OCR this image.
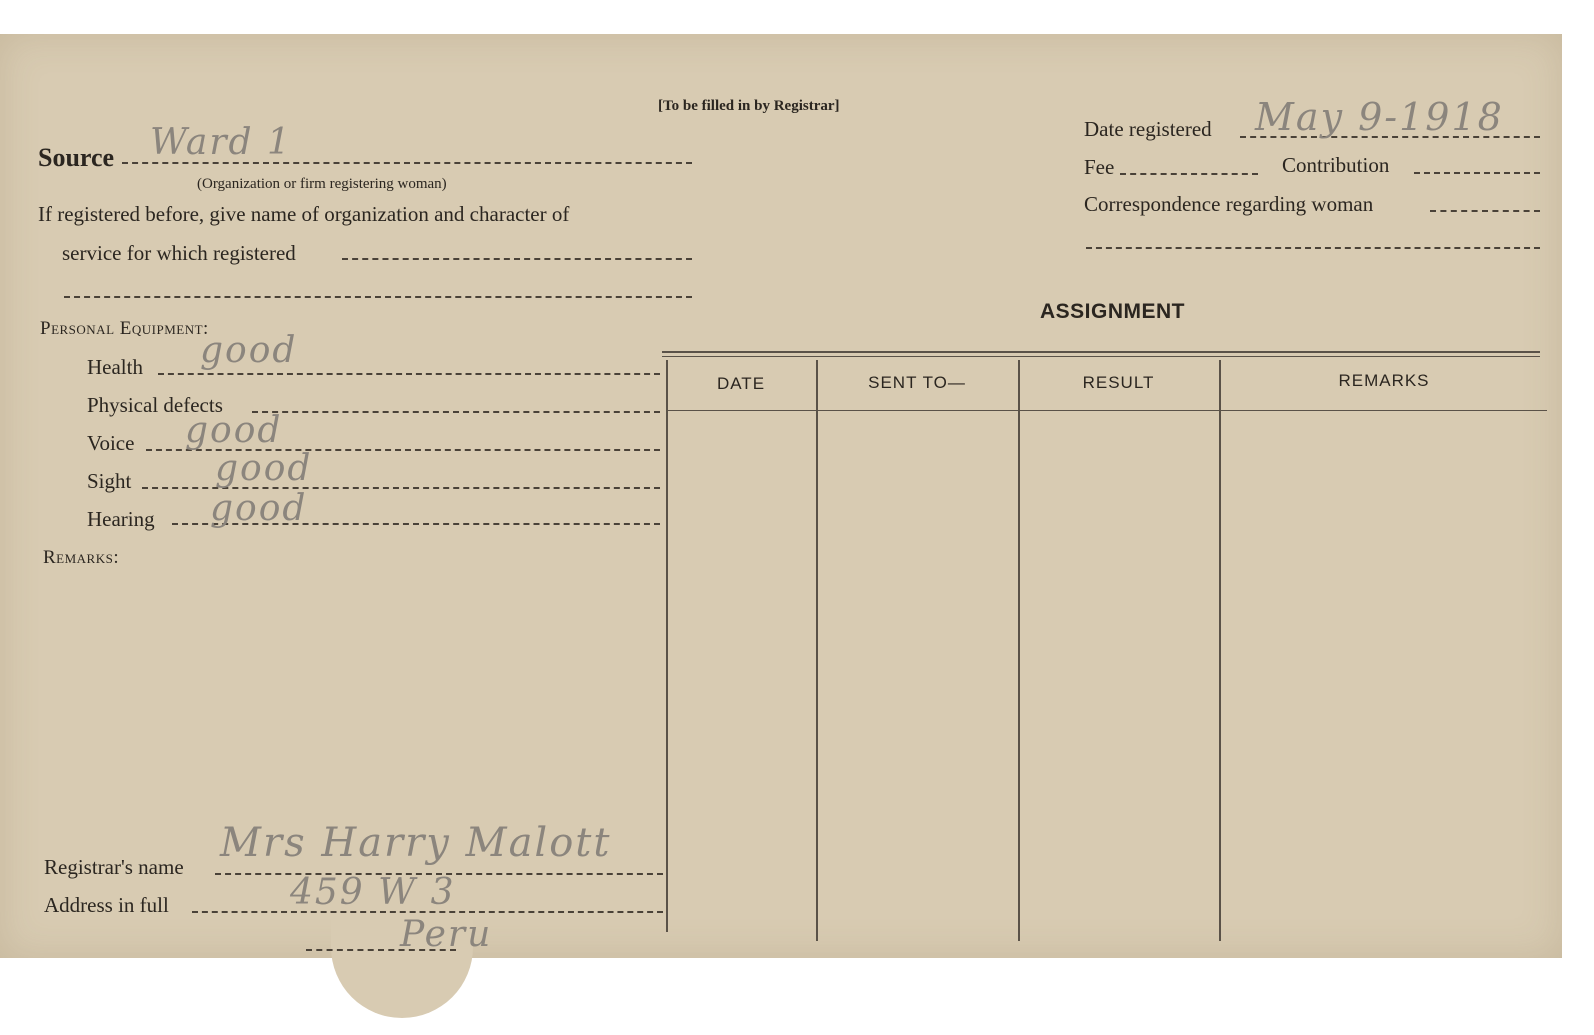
[To be filled in by Registrar]
Source Ward 1
(Organization or firm registering woman)
If registered before, give name of organization and character of
service for which registered
Personal Equipment:
Health good
Physical defects
Voice good
Sight good
Hearing good
Remarks:
Registrar's name
Mrs Harry Malott
Address in full	459 W 3
Peru
Date registered May 9-1918
Fee	Contribution
Correspondence regarding woman
ASSIGNMENT
DATE	SENT TO—	RESULT	REMARKS
